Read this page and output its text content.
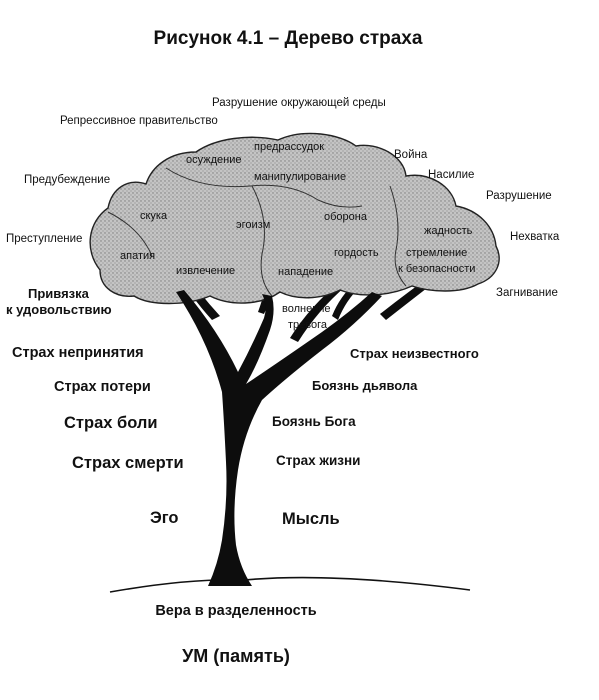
Рисунок 4.1 – Дерево страха
Разрушение окружающей среды
Репрессивное правительство
Предубеждение
Преступление
Привязка
к удовольствию
Война
Насилие
Разрушение
Нехватка
Загнивание
предрассудок
осуждение
манипулирование
скука
эгоизм
оборона
жадность
апатия	гордость стремление
к безопасности
извлечение	нападение
волнение
тревога
Страх непринятия
Страх потери
Страх боли
Страх смерти
Эго
Страх неизвестного
Боязнь дьявола
Боязнь Бога
Страх жизни
Мысль
Вера в разделенность
УМ (память)
